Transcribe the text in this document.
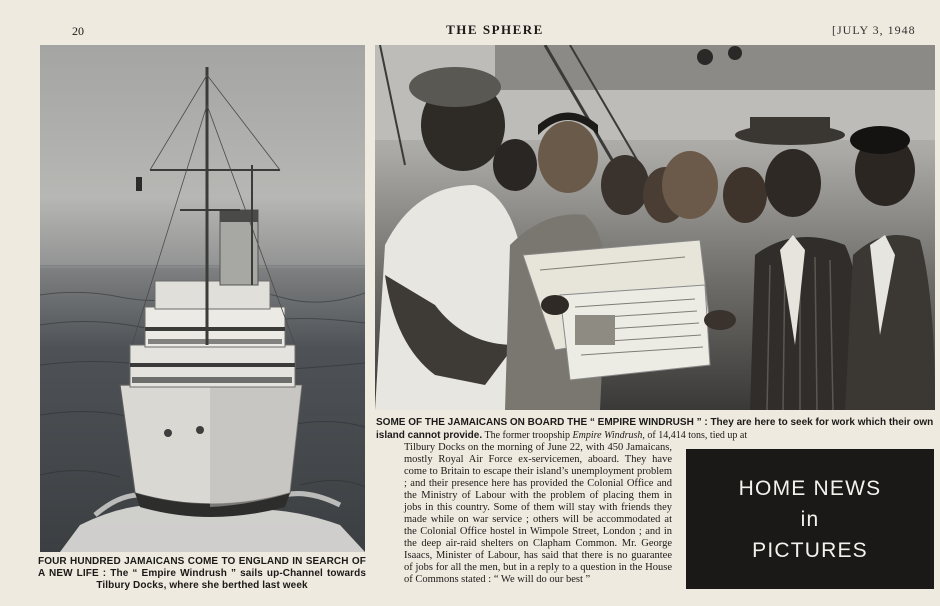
20	THE SPHERE	[JULY 3, 1948
FOUR HUNDRED JAMAICANS COME TO ENGLAND IN SEARCH OF A NEW LIFE : The “ Empire Windrush ” sails up-Channel towards Tilbury Docks, where she berthed last week
SOME OF THE JAMAICANS ON BOARD THE “ EMPIRE WINDRUSH ” : They are here to seek for work which their own island cannot provide. The former troopship Empire Windrush, of 14,414 tons, tied up at
Tilbury Docks on the morning of June 22, with 450 Jamaicans, mostly Royal Air Force ex-servicemen, aboard. They have come to Britain to escape their island’s unemployment problem ; and their presence here has provided the Colonial Office and the Ministry of Labour with the problem of placing them in jobs in this country. Some of them will stay with friends they made while on war service ; others will be accommodated at the Colonial Office hostel in Wimpole Street, London ; and in the deep air-raid shelters on Clapham Common. Mr. George Isaacs, Minister of Labour, has said that there is no guarantee of jobs for all the men, but in a reply to a question in the House of Commons stated : “ We will do our best ”
HOME NEWS
in
PICTURES
